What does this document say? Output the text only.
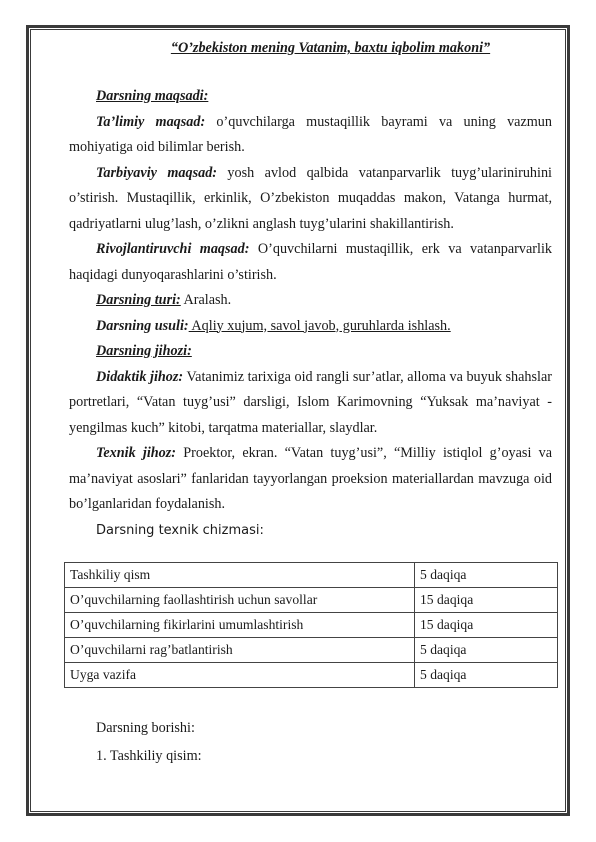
“O’zbekiston mening Vatanim, baxtu iqbolim makoni”

Darsning maqsadi:

Ta’limiy maqsad: o’quvchilarga mustaqillik bayrami va uning vazmun mohiyatiga oid bilimlar berish.

Tarbiyaviy maqsad: yosh avlod qalbida vatanparvarlik tuyg’ulariniruhini o’stirish. Mustaqillik, erkinlik, O’zbekiston muqaddas makon, Vatanga hurmat, qadriyatlarni ulug’lash, o’zlikni anglash tuyg’ularini shakillantirish.

Rivojlantiruvchi maqsad: O’quvchilarni mustaqillik, erk va vatanparvarlik haqidagi dunyoqarashlarini o’stirish.

Darsning turi: Aralash.

Darsning usuli: Aqliy xujum, savol javob, guruhlarda ishlash.

Darsning jihozi:

Didaktik jihoz: Vatanimiz tarixiga oid rangli sur’atlar, alloma va buyuk shahslar portretlari, “Vatan tuyg’usi” darsligi, Islom Karimovning “Yuksak ma’naviyat - yengilmas kuch” kitobi, tarqatma materiallar, slaydlar.

Texnik jihoz: Proektor, ekran. “Vatan tuyg’usi”, “Milliy istiqlol g’oyasi va ma’naviyat asoslari” fanlaridan tayyorlangan proeksion materiallardan mavzuga oid bo’lganlaridan foydalanish.

Darsning texnik chizmasi:

Tashkiliy qism	5 daqiqa
O’quvchilarning faollashtirish uchun savollar	15 daqiqa
O’quvchilarning fikirlarini umumlashtirish	15 daqiqa
O’quvchilarni rag’batlantirish	5 daqiqa
Uyga vazifa	5 daqiqa

Darsning borishi:

1. Tashkiliy qisim:
